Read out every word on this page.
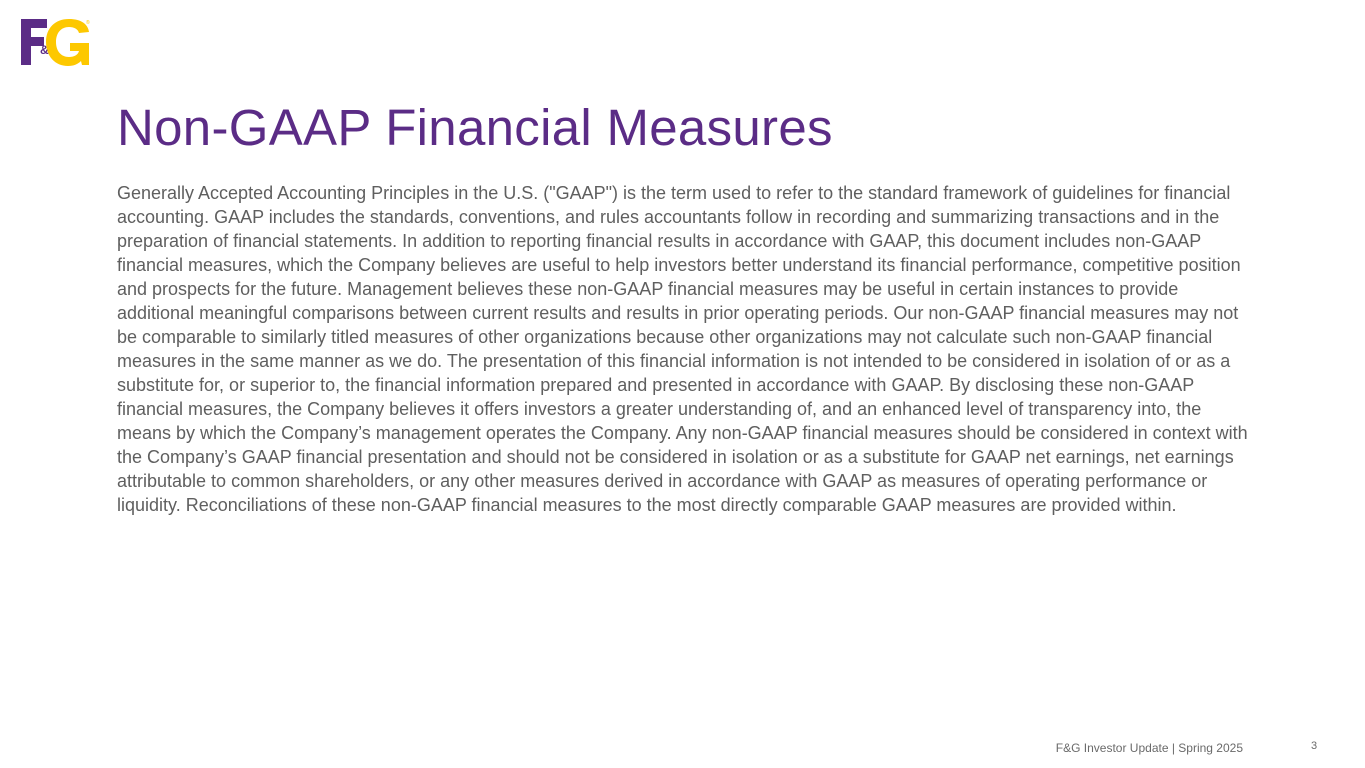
&
®
Non-GAAP Financial Measures

Generally Accepted Accounting Principles in the U.S. ("GAAP") is the term used to refer to the standard framework of guidelines for financial accounting. GAAP includes the standards, conventions, and rules accountants follow in recording and summarizing transactions and in the preparation of financial statements. In addition to reporting financial results in accordance with GAAP, this document includes non-GAAP financial measures, which the Company believes are useful to help investors better understand its financial performance, competitive position and prospects for the future. Management believes these non-GAAP financial measures may be useful in certain instances to provide additional meaningful comparisons between current results and results in prior operating periods. Our non-GAAP financial measures may not be comparable to similarly titled measures of other organizations because other organizations may not calculate such non-GAAP financial measures in the same manner as we do. The presentation of this financial information is not intended to be considered in isolation of or as a substitute for, or superior to, the financial information prepared and presented in accordance with GAAP. By disclosing these non-GAAP financial measures, the Company believes it offers investors a greater understanding of, and an enhanced level of transparency into, the means by which the Company’s management operates the Company. Any non-GAAP financial measures should be considered in context with the Company’s GAAP financial presentation and should not be considered in isolation or as a substitute for GAAP net earnings, net earnings attributable to common shareholders, or any other measures derived in accordance with GAAP as measures of operating performance or liquidity. Reconciliations of these non-GAAP financial measures to the most directly comparable GAAP measures are provided within.

F&G Investor Update | Spring 2025	3
